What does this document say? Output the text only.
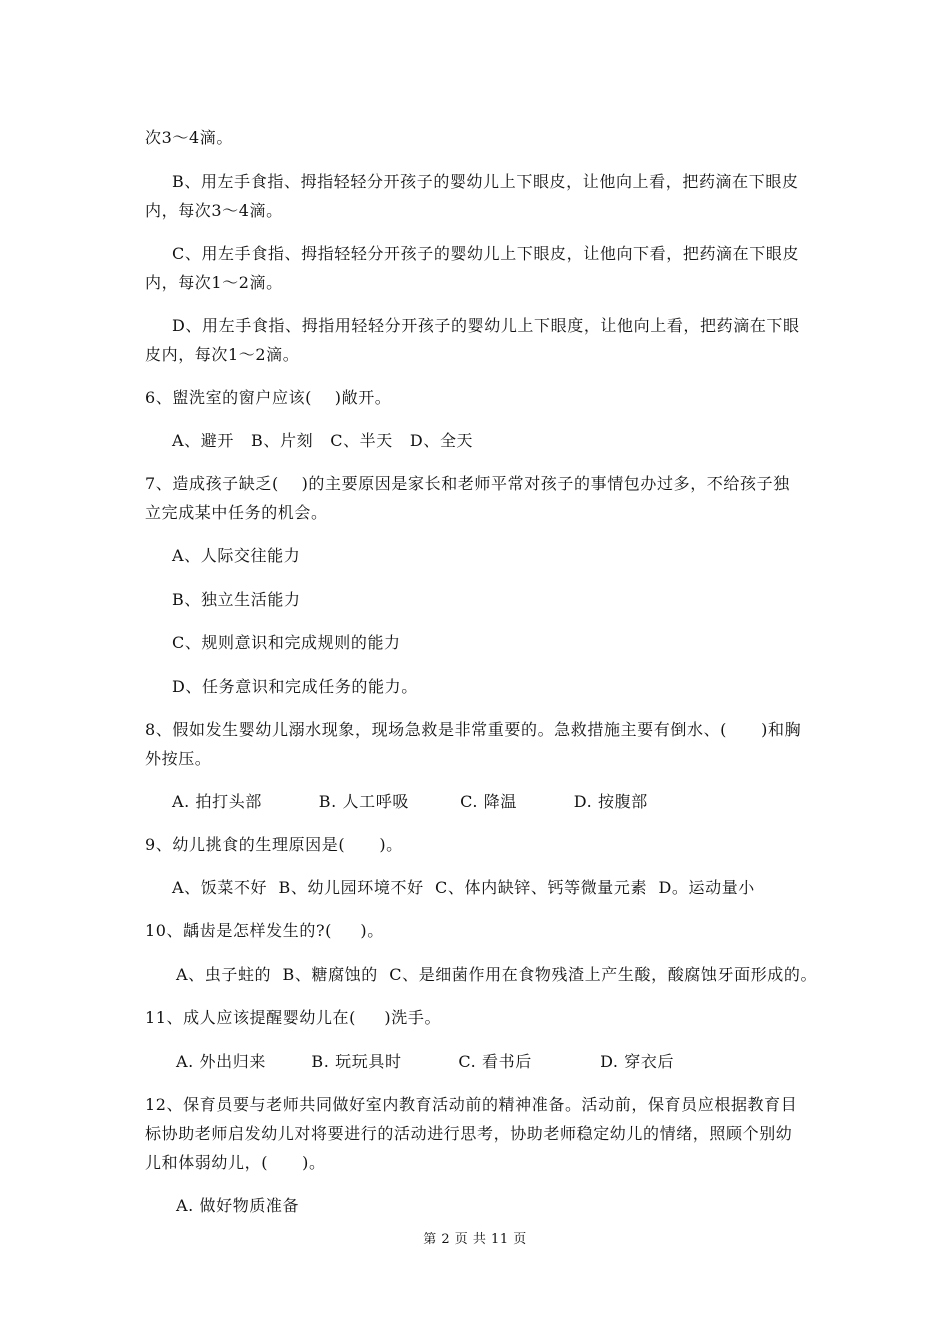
次3～4滴。
B、用左手食指、拇指轻轻分开孩子的婴幼儿上下眼皮，让他向上看，把药滴在下眼皮
内，每次3～4滴。
C、用左手食指、拇指轻轻分开孩子的婴幼儿上下眼皮，让他向下看，把药滴在下眼皮
内，每次1～2滴。
D、用左手食指、拇指用轻轻分开孩子的婴幼儿上下眼度，让他向上看，把药滴在下眼
皮内，每次1～2滴。
6、盥洗室的窗户应该(    )敞开。
A、避开   B、片刻   C、半天   D、全天
7、造成孩子缺乏(    )的主要原因是家长和老师平常对孩子的事情包办过多，不给孩子独
立完成某中任务的机会。
A、人际交往能力
B、独立生活能力
C、规则意识和完成规则的能力
D、任务意识和完成任务的能力。
8、假如发生婴幼儿溺水现象，现场急救是非常重要的。急救措施主要有倒水、(      )和胸
外按压。
A. 拍打头部          B. 人工呼吸         C. 降温          D. 按腹部
9、幼儿挑食的生理原因是(      )。
A、饭菜不好  B、幼儿园环境不好  C、体内缺锌、钙等微量元素  D。运动量小
10、龋齿是怎样发生的?(     )。
A、虫子蛀的  B、糖腐蚀的  C、是细菌作用在食物残渣上产生酸，酸腐蚀牙面形成的。
11、成人应该提醒婴幼儿在(     )洗手。
A. 外出归来        B. 玩玩具时          C. 看书后            D. 穿衣后
12、保育员要与老师共同做好室内教育活动前的精神准备。活动前，保育员应根据教育目
标协助老师启发幼儿对将要进行的活动进行思考，协助老师稳定幼儿的情绪，照顾个别幼
儿和体弱幼儿，(      )。
A. 做好物质准备
第 2 页 共 11 页
